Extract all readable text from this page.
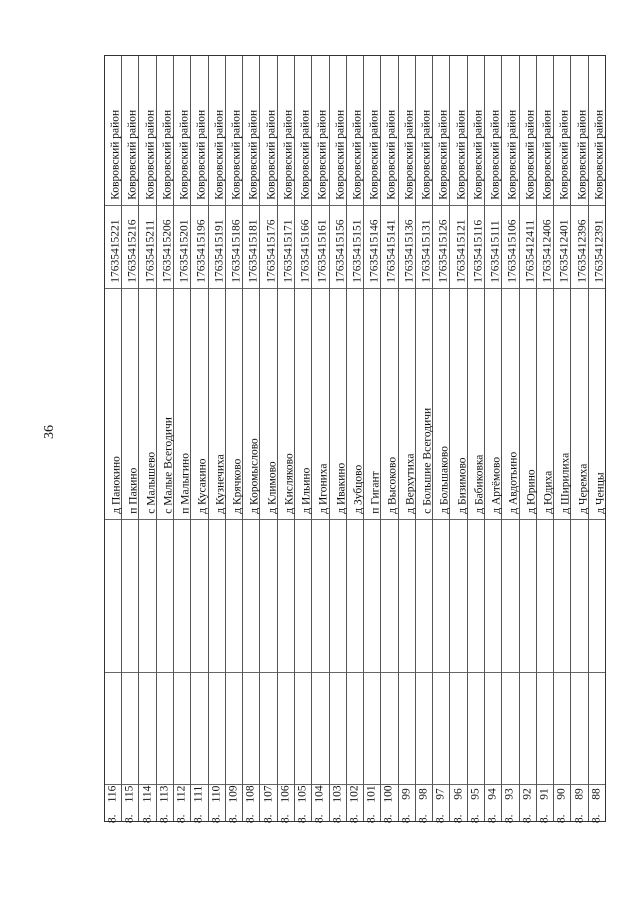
36
Ковровский район
17635412391
д Ченцы
8.
88
Ковровский район
17635412396
д Черемха
8.
89
Ковровский район
17635412401
д Ширилиха
8.
90
Ковровский район
17635412406
д Юдиха
8.
91
Ковровский район
17635412411
д Юрино
8.
92
Ковровский район
17635415106
д Авдотьино
8.
93
Ковровский район
17635415111
д Артёмово
8.
94
Ковровский район
17635415116
д Бабиковка
8.
95
Ковровский район
17635415121
д Бизимово
8.
96
Ковровский район
17635415126
д Большаково
8.
97
Ковровский район
17635415131
с Большие Всегодичи
8.
98
Ковровский район
17635415136
д Верхутиха
8.
99
Ковровский район
17635415141
д Высоково
8.
100
Ковровский район
17635415146
п Гигант
8.
101
Ковровский район
17635415151
д Зубцово
8.
102
Ковровский район
17635415156
д Ивакино
8.
103
Ковровский район
17635415161
д Игониха
8.
104
Ковровский район
17635415166
д Ильино
8.
105
Ковровский район
17635415171
д Кисляково
8.
106
Ковровский район
17635415176
д Климово
8.
107
Ковровский район
17635415181
д Коромыслово
8.
108
Ковровский район
17635415186
д Крячково
8.
109
Ковровский район
17635415191
д Кузнечиха
8.
110
Ковровский район
17635415196
д Кусакино
8.
111
Ковровский район
17635415201
п Малыгино
8.
112
Ковровский район
17635415206
с Малые Всегодичи
8.
113
Ковровский район
17635415211
с Малышево
8.
114
Ковровский район
17635415216
п Пакино
8.
115
Ковровский район
17635415221
д Панокино
8.
116
